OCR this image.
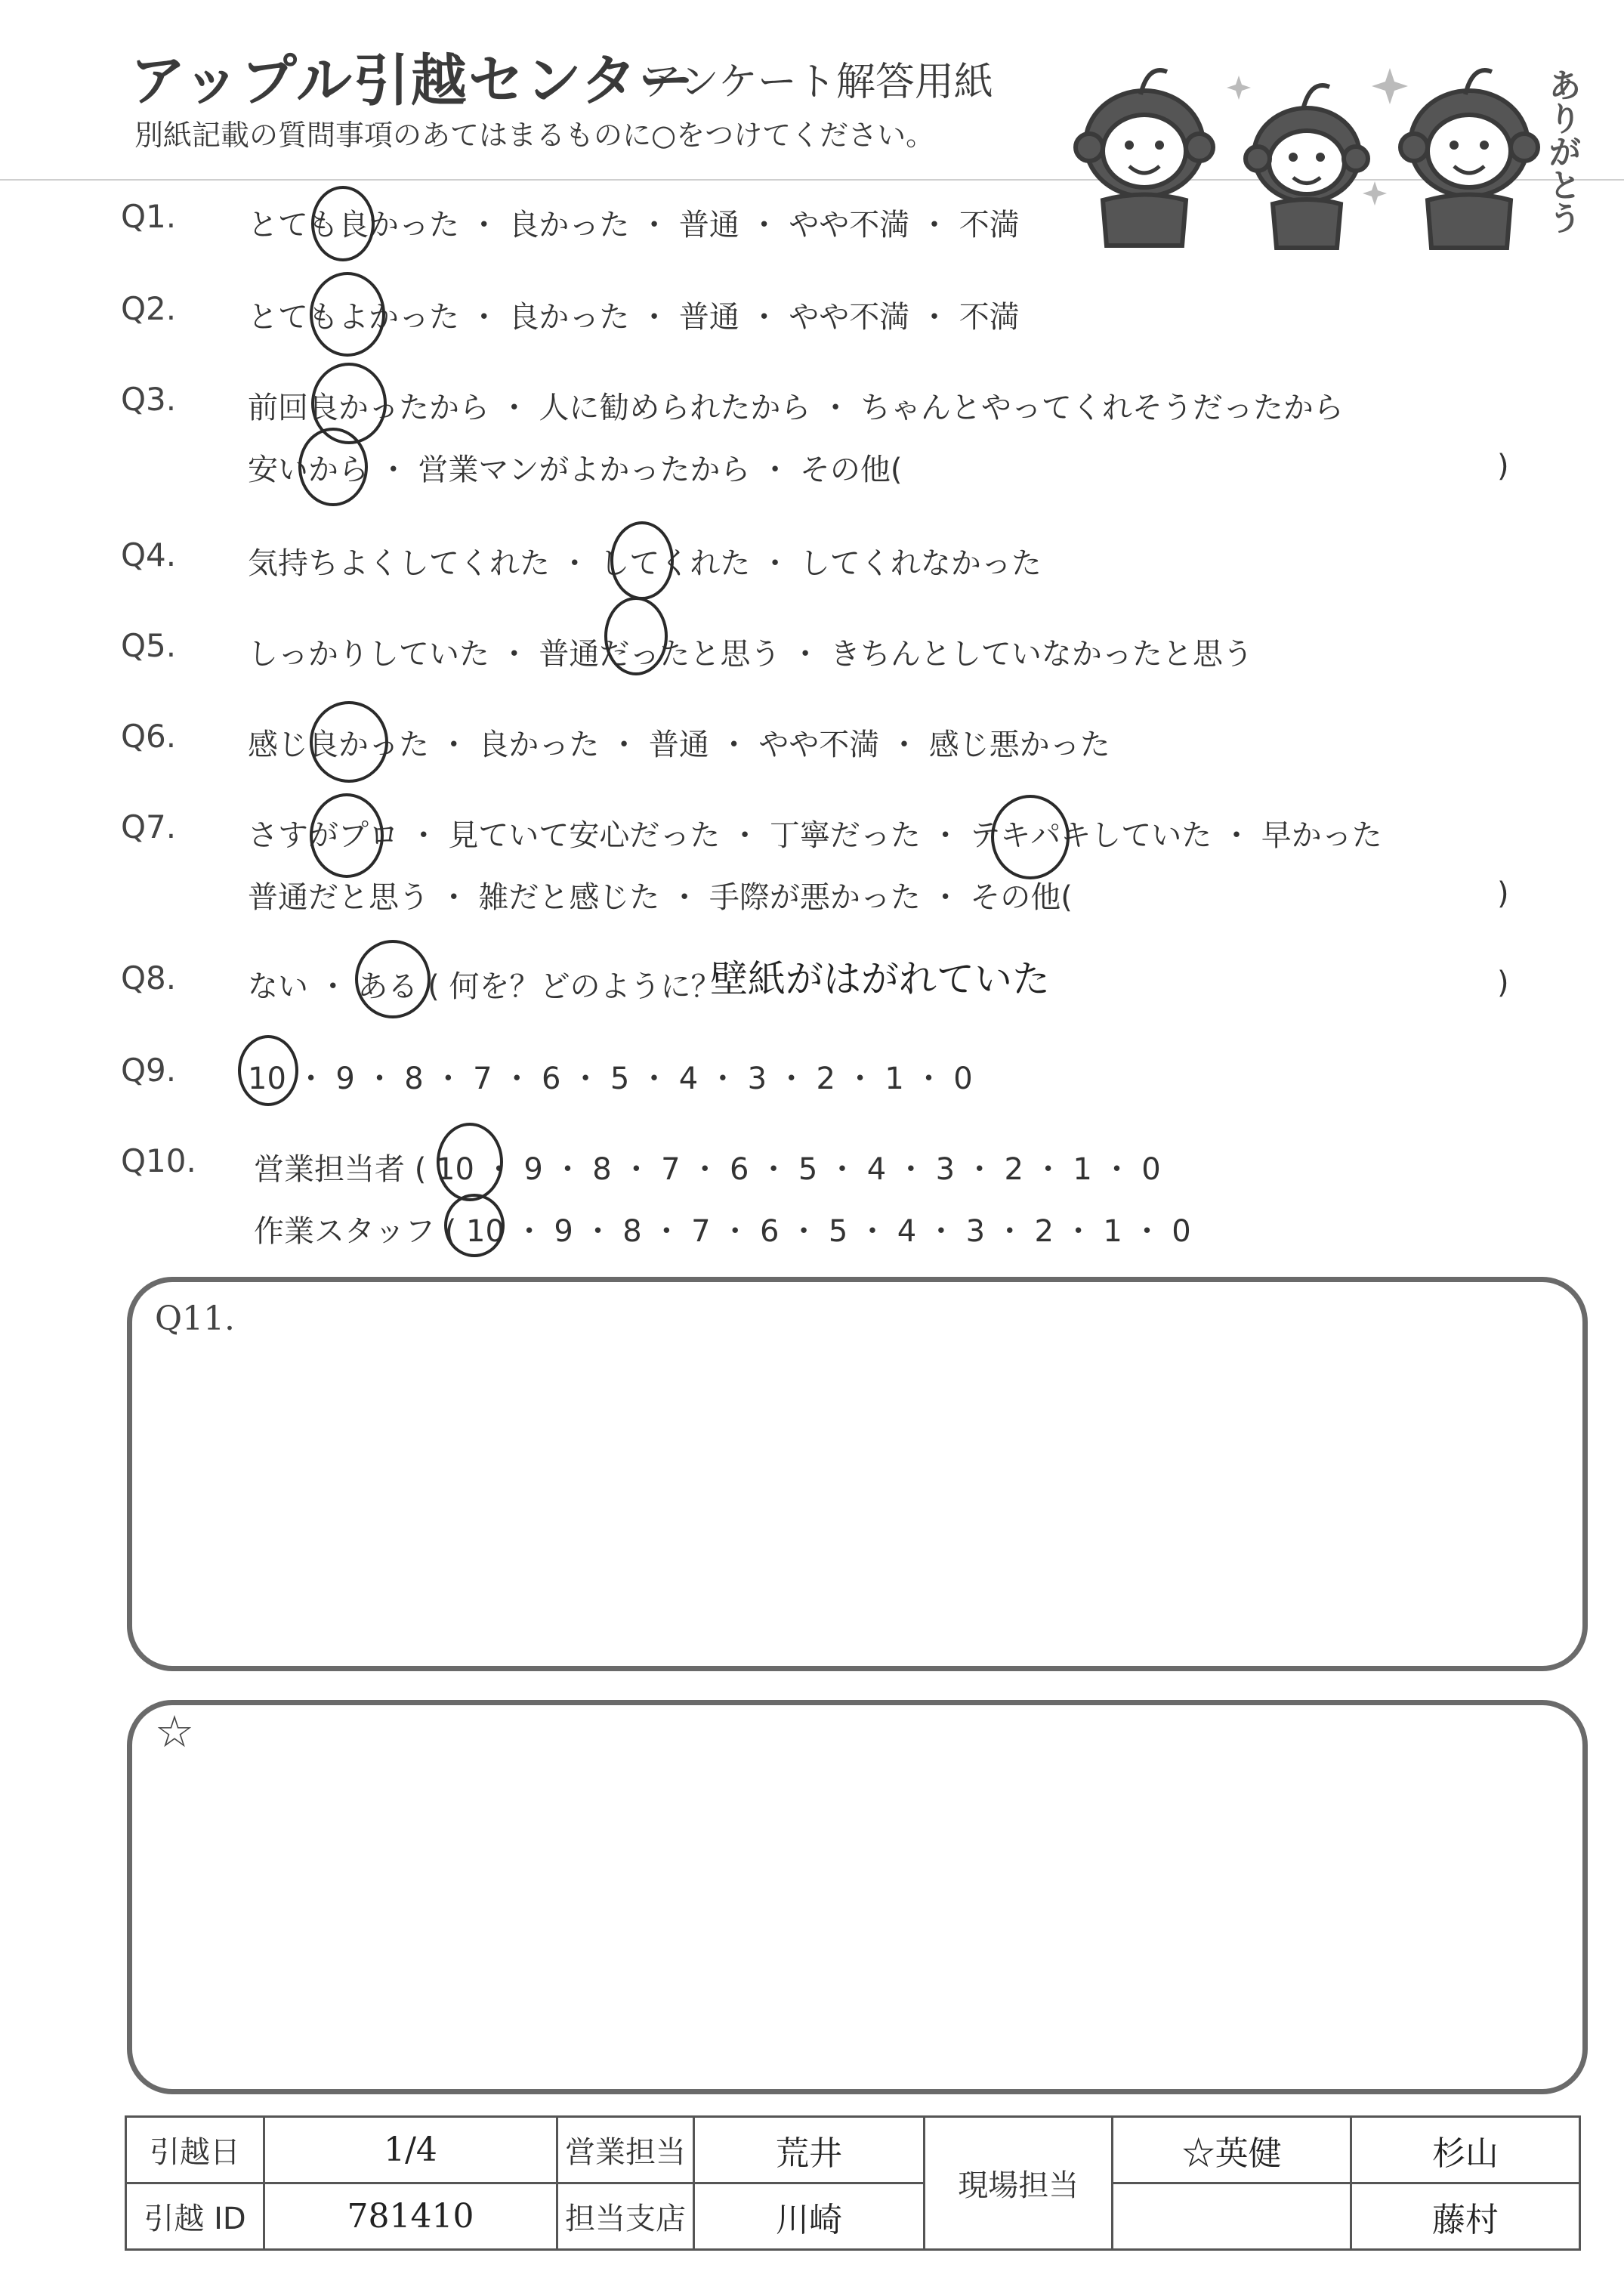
アップル引越センター
アンケート解答用紙
別紙記載の質問事項のあてはまるものに○をつけてください。	ありがとう
Q1. とても良かった ・ 良かった ・ 普通 ・ やや不満 ・ 不満
Q2. とてもよかった ・ 良かった ・ 普通 ・ やや不満 ・ 不満
Q3. 前回良かったから ・ 人に勧められたから ・ ちゃんとやってくれそうだったから
安いから ・ 営業マンがよかったから ・ その他(	)
Q4. 気持ちよくしてくれた ・ してくれた ・ してくれなかった
Q5. しっかりしていた ・ 普通だったと思う ・ きちんとしていなかったと思う
Q6. 感じ良かった ・ 良かった ・ 普通 ・ やや不満 ・ 感じ悪かった
Q7. さすがプロ ・ 見ていて安心だった ・ 丁寧だった ・ テキパキしていた ・ 早かった
普通だと思う ・ 雑だと感じた ・ 手際が悪かった ・ その他(	)
Q8. ない ・ ある ( 何を？どのように？
壁紙がはがれていた	)
Q9. 10 ・ 9 ・ 8 ・ 7 ・ 6 ・ 5 ・ 4 ・ 3 ・ 2 ・ 1 ・ 0
Q10. 営業担当者 ( 10 ・ 9 ・ 8 ・ 7 ・ 6 ・ 5 ・ 4 ・ 3 ・ 2 ・ 1 ・ 0
作業スタッフ ( 10 ・ 9 ・ 8 ・ 7 ・ 6 ・ 5 ・ 4 ・ 3 ・ 2 ・ 1 ・ 0
Q11.
☆
引越日	1/4	営業担当	荒井	現場担当	☆英健	杉山
引越 ID	781410	担当支店	川崎			藤村
